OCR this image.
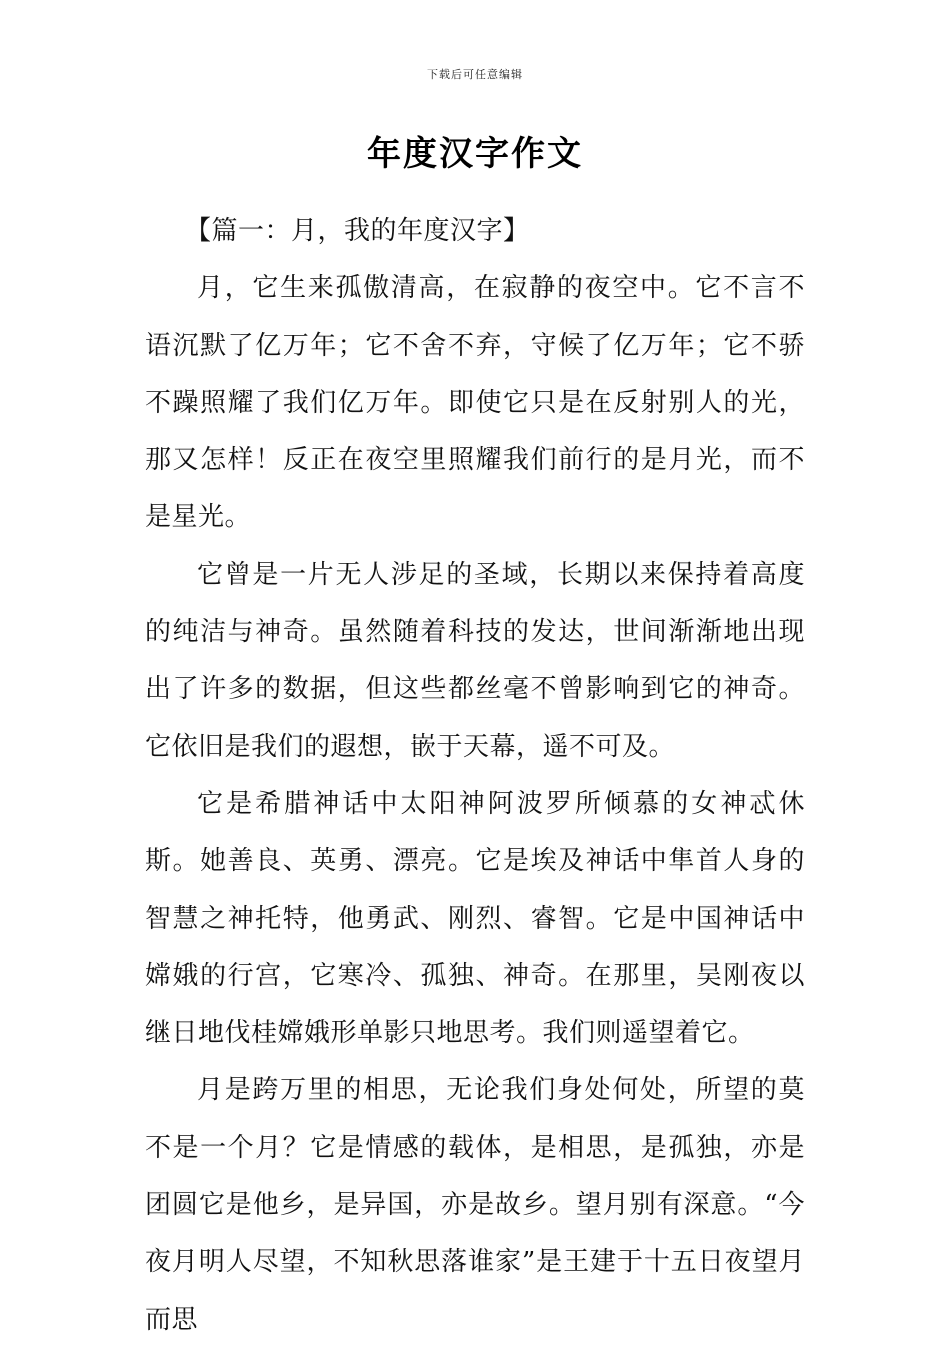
下载后可任意编辑
年度汉字作文

【篇一：月，我的年度汉字】

月，它生来孤傲清高，在寂静的夜空中。它不言不语沉默了亿万年；它不舍不弃，守候了亿万年；它不骄不躁照耀了我们亿万年。即使它只是在反射别人的光，那又怎样！反正在夜空里照耀我们前行的是月光，而不是星光。

它曾是一片无人涉足的圣域，长期以来保持着高度的纯洁与神奇。虽然随着科技的发达，世间渐渐地出现出了许多的数据，但这些都丝毫不曾影响到它的神奇。它依旧是我们的遐想，嵌于天幕，遥不可及。

它是希腊神话中太阳神阿波罗所倾慕的女神忒休斯。她善良、英勇、漂亮。它是埃及神话中隼首人身的智慧之神托特，他勇武、刚烈、睿智。它是中国神话中嫦娥的行宫，它寒冷、孤独、神奇。在那里，吴刚夜以继日地伐桂嫦娥形单影只地思考。我们则遥望着它。

月是跨万里的相思，无论我们身处何处，所望的莫不是一个月？它是情感的载体，是相思，是孤独，亦是团圆它是他乡，是异国，亦是故乡。望月别有深意。“今夜月明人尽望，不知秋思落谁家”是王建于十五日夜望月而思
